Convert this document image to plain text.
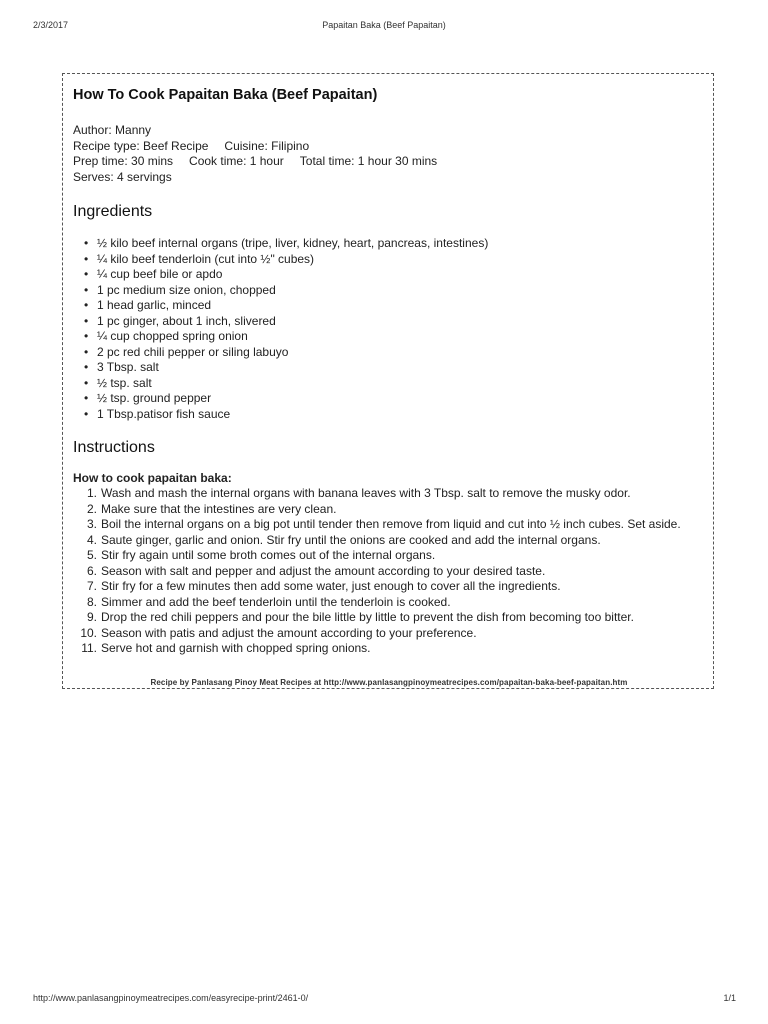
2/3/2017	Papaitan Baka (Beef Papaitan)
How To Cook Papaitan Baka (Beef Papaitan)
Author: Manny
Recipe type: Beef Recipe Cuisine: Filipino
Prep time: 30 mins Cook time: 1 hour Total time: 1 hour 30 mins
Serves: 4 servings
Ingredients
• ½ kilo beef internal organs (tripe, liver, kidney, heart, pancreas, intestines)
• ¼ kilo beef tenderloin (cut into ½" cubes)
• ¼ cup beef bile or apdo
• 1 pc medium size onion, chopped
• 1 head garlic, minced
• 1 pc ginger, about 1 inch, slivered
• ¼ cup chopped spring onion
• 2 pc red chili pepper or siling labuyo
• 3 Tbsp. salt
• ½ tsp. salt
• ½ tsp. ground pepper
• 1 Tbsp.patisor fish sauce
Instructions
How to cook papaitan baka:
1. Wash and mash the internal organs with banana leaves with 3 Tbsp. salt to remove the musky odor.
2. Make sure that the intestines are very clean.
3. Boil the internal organs on a big pot until tender then remove from liquid and cut into ½ inch cubes. Set aside.
4. Saute ginger, garlic and onion. Stir fry until the onions are cooked and add the internal organs.
5. Stir fry again until some broth comes out of the internal organs.
6. Season with salt and pepper and adjust the amount according to your desired taste.
7. Stir fry for a few minutes then add some water, just enough to cover all the ingredients.
8. Simmer and add the beef tenderloin until the tenderloin is cooked.
9. Drop the red chili peppers and pour the bile little by little to prevent the dish from becoming too bitter.
10. Season with patis and adjust the amount according to your preference.
11. Serve hot and garnish with chopped spring onions.
Recipe by Panlasang Pinoy Meat Recipes at http://www.panlasangpinoymeatrecipes.com/papaitan-baka-beef-papaitan.htm
http://www.panlasangpinoymeatrecipes.com/easyrecipe-print/2461-0/	1/1
